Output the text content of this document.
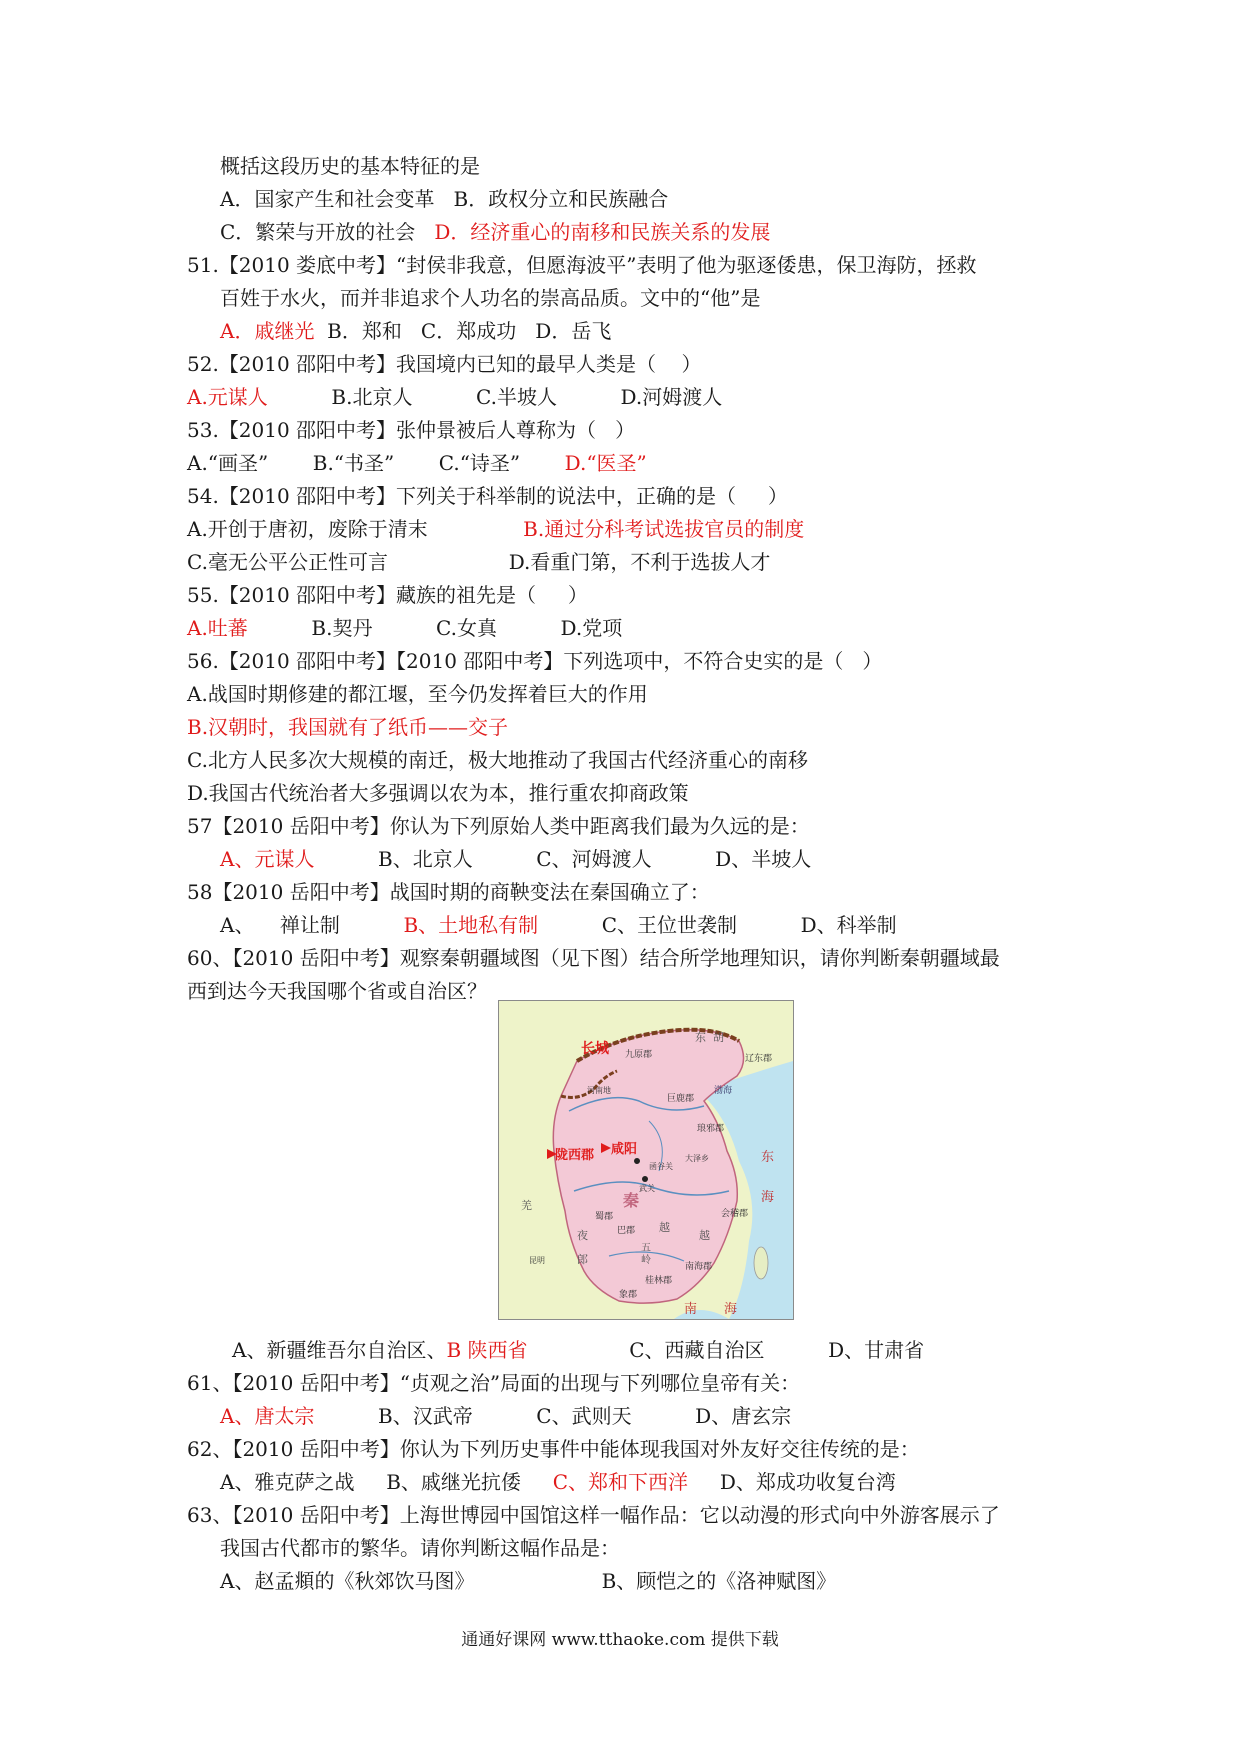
概括这段历史的基本特征的是
A．国家产生和社会变革   B．政权分立和民族融合
C．繁荣与开放的社会   D．经济重心的南移和民族关系的发展
51.【2010 娄底中考】“封侯非我意，但愿海波平”表明了他为驱逐倭患，保卫海防，拯救
百姓于水火，而并非追求个人功名的崇高品质。文中的“他”是
A．戚继光  B．郑和   C．郑成功   D．岳飞
52.【2010 邵阳中考】我国境内已知的最早人类是（    ）
A.元谋人          B.北京人          C.半坡人          D.河姆渡人
53.【2010 邵阳中考】张仲景被后人尊称为（   ）
A.“画圣”       B.“书圣”       C.“诗圣”       D.“医圣”
54.【2010 邵阳中考】下列关于科举制的说法中，正确的是（     ）
A.开创于唐初，废除于清末               B.通过分科考试选拔官员的制度
C.毫无公平公正性可言                   D.看重门第，不利于选拔人才
55.【2010 邵阳中考】藏族的祖先是（     ）
A.吐蕃          B.契丹          C.女真          D.党项
56.【2010 邵阳中考】【2010 邵阳中考】下列选项中，不符合史实的是（   ）
A.战国时期修建的都江堰，至今仍发挥着巨大的作用
B.汉朝时，我国就有了纸币——交子
C.北方人民多次大规模的南迁，极大地推动了我国古代经济重心的南移
D.我国古代统治者大多强调以农为本，推行重农抑商政策
57【2010 岳阳中考】你认为下列原始人类中距离我们最为久远的是：
A、元谋人          B、北京人          C、河姆渡人          D、半坡人
58【2010 岳阳中考】战国时期的商鞅变法在秦国确立了：
A、    禅让制          B、土地私有制          C、王位世袭制          D、科举制
60、【2010 岳阳中考】观察秦朝疆域图（见下图）结合所学地理知识，请你判断秦朝疆域最
西到达今天我国哪个省或自治区？
A、新疆维吾尔自治区、B 陕西省                C、西藏自治区          D、甘肃省
61、【2010 岳阳中考】“贞观之治”局面的出现与下列哪位皇帝有关：
A、唐太宗          B、汉武帝          C、武则天          D、唐玄宗
62、【2010 岳阳中考】你认为下列历史事件中能体现我国对外友好交往传统的是：
A、雅克萨之战     B、戚继光抗倭     C、郑和下西洋     D、郑成功收复台湾
63、【2010 岳阳中考】上海世博园中国馆这样一幅作品：它以动漫的形式向中外游客展示了
我国古代都市的繁华。请你判断这幅作品是：
A、赵孟頫的《秋郊饮马图》                    B、顾恺之的《洛神赋图》
长城
陇西郡 咸阳
秦
东
海
南 海
九原郡	辽东郡
巨鹿郡
琅邪郡
蜀郡
巴郡
会稽郡
桂林郡
南海郡
象郡
武关
函谷关
河南地
东 胡
夜
越
郎
越
羌
五
岭
渤海
大泽乡
昆明
通通好课网 www.tthaoke.com 提供下载
